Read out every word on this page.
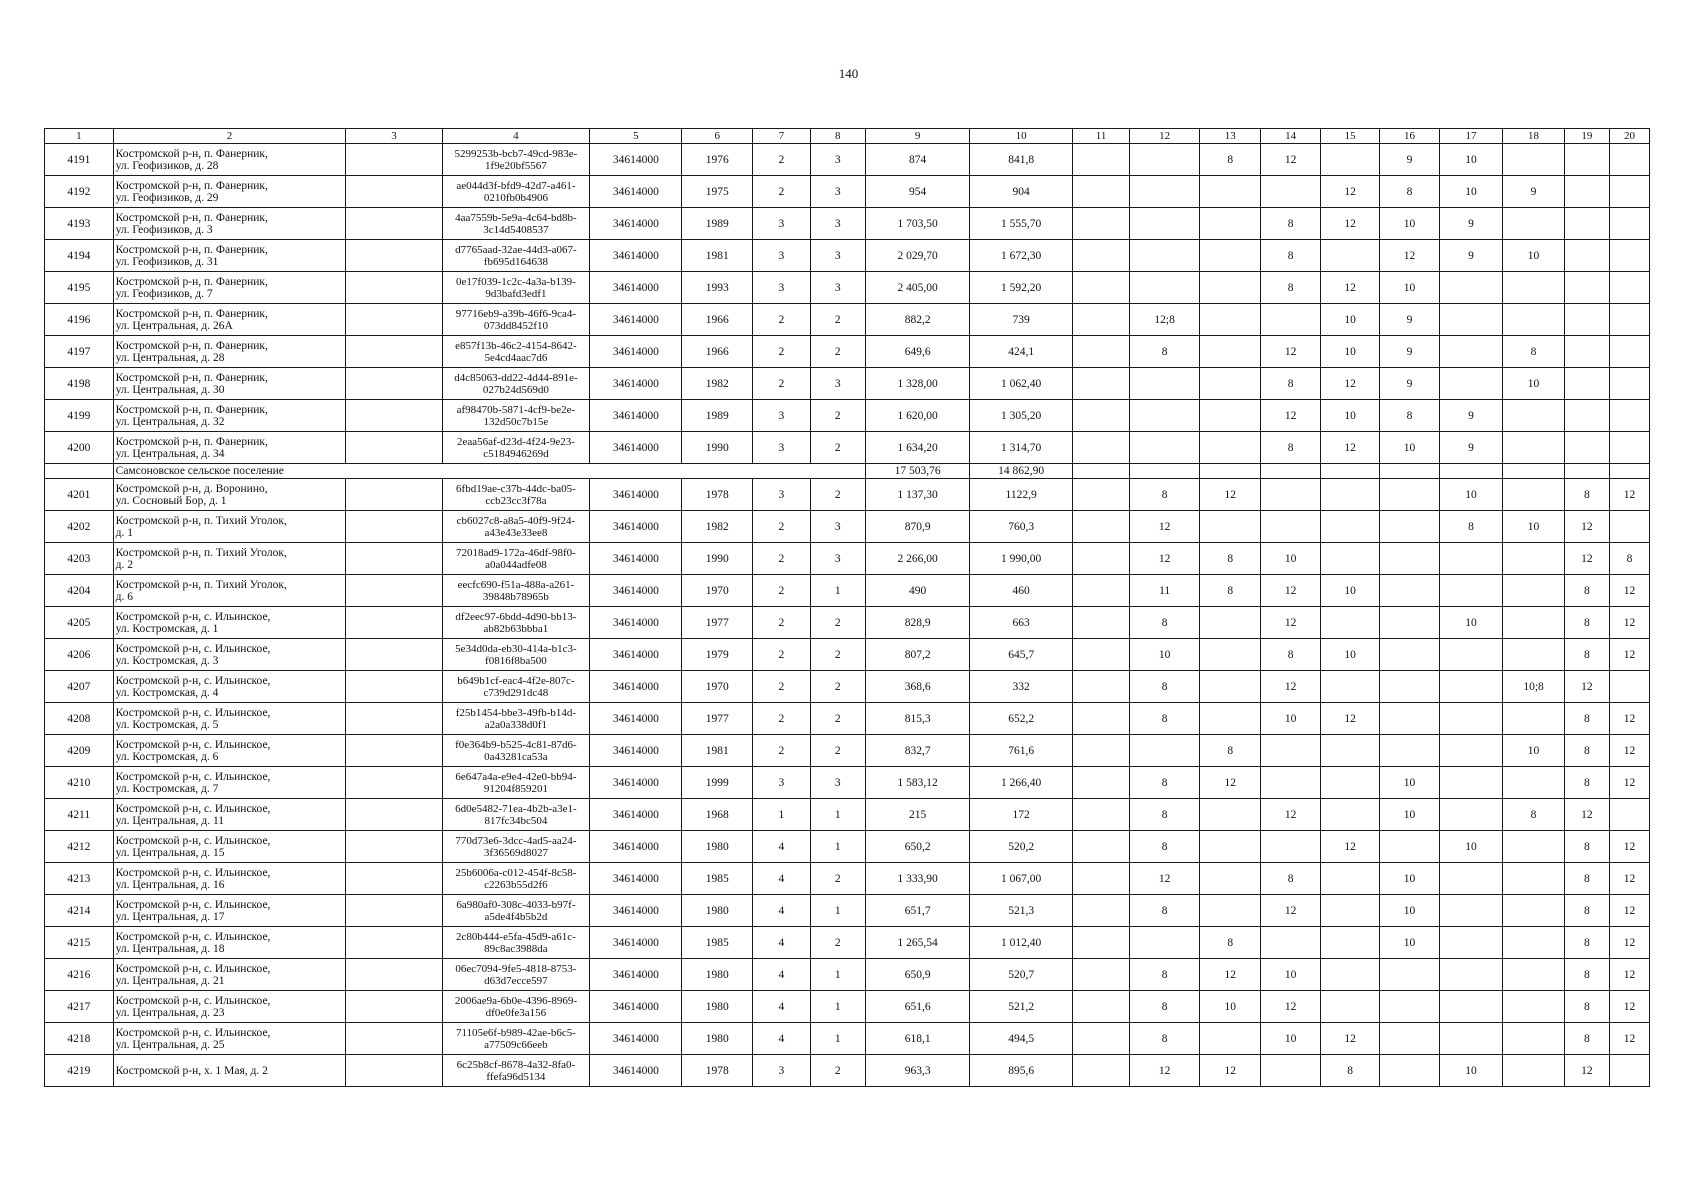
140
1	2	3	4	5	6	7	8	9	10	11	12	13	14	15	16	17	18	19	20
4191	Костромской р-н, п. Фанерник,
ул. Геофизиков, д. 28		5299253b-bcb7-49cd-983e-1f9e20bf5567	34614000	1976	2	3	874	841,8			8	12		9	10			
4192	Костромской р-н, п. Фанерник,
ул. Геофизиков, д. 29		ae044d3f-bfd9-42d7-a461-0210fb0b4906	34614000	1975	2	3	954	904					12	8	10	9		
4193	Костромской р-н, п. Фанерник,
ул. Геофизиков, д. 3		4aa7559b-5e9a-4c64-bd8b-3c14d5408537	34614000	1989	3	3	1 703,50	1 555,70				8	12	10	9			
4194	Костромской р-н, п. Фанерник,
ул. Геофизиков, д. 31		d7765aad-32ae-44d3-a067-fb695d164638	34614000	1981	3	3	2 029,70	1 672,30				8		12	9	10		
4195	Костромской р-н, п. Фанерник,
ул. Геофизиков, д. 7		0e17f039-1c2c-4a3a-b139-9d3bafd3edf1	34614000	1993	3	3	2 405,00	1 592,20				8	12	10				
4196	Костромской р-н, п. Фанерник,
ул. Центральная, д. 26А		97716eb9-a39b-46f6-9ca4-073dd8452f10	34614000	1966	2	2	882,2	739		12;8			10	9				
4197	Костромской р-н, п. Фанерник,
ул. Центральная, д. 28		e857f13b-46c2-4154-8642-5e4cd4aac7d6	34614000	1966	2	2	649,6	424,1		8		12	10	9		8		
4198	Костромской р-н, п. Фанерник,
ул. Центральная, д. 30		d4c85063-dd22-4d44-891e-027b24d569d0	34614000	1982	2	3	1 328,00	1 062,40				8	12	9		10		
4199	Костромской р-н, п. Фанерник,
ул. Центральная, д. 32		af98470b-5871-4cf9-be2e-132d50c7b15e	34614000	1989	3	2	1 620,00	1 305,20				12	10	8	9			
4200	Костромской р-н, п. Фанерник,
ул. Центральная, д. 34		2eaa56af-d23d-4f24-9e23-c5184946269d	34614000	1990	3	2	1 634,20	1 314,70				8	12	10	9			
	Самсоновское сельское поселение							17 503,76	14 862,90										
4201	Костромской р-н, д. Воронино,
ул. Сосновый Бор, д. 1		6fbd19ae-c37b-44dc-ba05-ccb23cc3f78a	34614000	1978	3	2	1 137,30	1122,9		8	12				10		8	12
4202	Костромской р-н, п. Тихий Уголок,
д. 1		cb6027c8-a8a5-40f9-9f24-a43e43e33ee8	34614000	1982	2	3	870,9	760,3		12					8	10	12	
4203	Костромской р-н, п. Тихий Уголок,
д. 2		72018ad9-172a-46df-98f0-a0a044adfe08	34614000	1990	2	3	2 266,00	1 990,00		12	8	10					12	8
4204	Костромской р-н, п. Тихий Уголок,
д. 6		eecfc690-f51a-488a-a261-39848b78965b	34614000	1970	2	1	490	460		11	8	12	10				8	12
4205	Костромской р-н, с. Ильинское,
ул. Костромская, д. 1		df2eec97-6bdd-4d90-bb13-ab82b63bbba1	34614000	1977	2	2	828,9	663		8		12			10		8	12
4206	Костромской р-н, с. Ильинское,
ул. Костромская, д. 3		5e34d0da-eb30-414a-b1c3-f0816f8ba500	34614000	1979	2	2	807,2	645,7		10		8	10				8	12
4207	Костромской р-н, с. Ильинское,
ул. Костромская, д. 4		b649b1cf-eac4-4f2e-807c-c739d291dc48	34614000	1970	2	2	368,6	332		8		12				10;8	12	
4208	Костромской р-н, с. Ильинское,
ул. Костромская, д. 5		f25b1454-bbe3-49fb-b14d-a2a0a338d0f1	34614000	1977	2	2	815,3	652,2		8		10	12				8	12
4209	Костромской р-н, с. Ильинское,
ул. Костромская, д. 6		f0e364b9-b525-4c81-87d6-0a43281ca53a	34614000	1981	2	2	832,7	761,6			8					10	8	12
4210	Костромской р-н, с. Ильинское,
ул. Костромская, д. 7		6e647a4a-e9e4-42e0-bb94-91204f859201	34614000	1999	3	3	1 583,12	1 266,40		8	12			10			8	12
4211	Костромской р-н, с. Ильинское,
ул. Центральная, д. 11		6d0e5482-71ea-4b2b-a3e1-817fc34bc504	34614000	1968	1	1	215	172		8		12		10		8	12	
4212	Костромской р-н, с. Ильинское,
ул. Центральная, д. 15		770d73e6-3dcc-4ad5-aa24-3f36569d8027	34614000	1980	4	1	650,2	520,2		8			12		10		8	12
4213	Костромской р-н, с. Ильинское,
ул. Центральная, д. 16		25b6006a-c012-454f-8c58-c2263b55d2f6	34614000	1985	4	2	1 333,90	1 067,00		12		8		10			8	12
4214	Костромской р-н, с. Ильинское,
ул. Центральная, д. 17		6a980af0-308c-4033-b97f-a5de4f4b5b2d	34614000	1980	4	1	651,7	521,3		8		12		10			8	12
4215	Костромской р-н, с. Ильинское,
ул. Центральная, д. 18		2c80b444-e5fa-45d9-a61c-89c8ac3988da	34614000	1985	4	2	1 265,54	1 012,40			8			10			8	12
4216	Костромской р-н, с. Ильинское,
ул. Центральная, д. 21		06ec7094-9fe5-4818-8753-d63d7ecce597	34614000	1980	4	1	650,9	520,7		8	12	10					8	12
4217	Костромской р-н, с. Ильинское,
ул. Центральная, д. 23		2006ae9a-6b0e-4396-8969-df0e0fe3a156	34614000	1980	4	1	651,6	521,2		8	10	12					8	12
4218	Костромской р-н, с. Ильинское,
ул. Центральная, д. 25		71105e6f-b989-42ae-b6c5-a77509c66eeb	34614000	1980	4	1	618,1	494,5		8		10	12				8	12
4219	Костромской р-н, х. 1 Мая, д. 2		6c25b8cf-8678-4a32-8fa0-ffefa96d5134	34614000	1978	3	2	963,3	895,6		12	12		8		10		12	
